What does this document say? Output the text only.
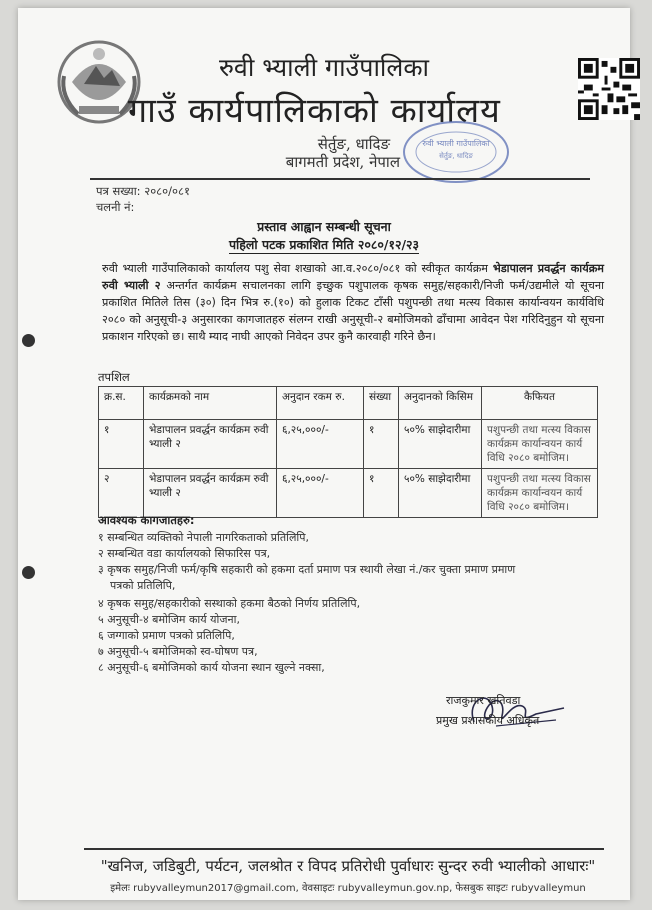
रुवी भ्याली गाउँपालिका
गाउँ कार्यपालिकाको कार्यालय
सेर्तुङ, धादिङ
बागमती प्रदेश, नेपाल
रुवी भ्याली गाउँपालिका
सेर्तुङ, धादिङ
पत्र सख्या: २०८०/०८१
चलनी नं:
प्रस्ताव आह्वान सम्बन्धी सूचना
पहिलो पटक प्रकाशित मिति २०८०/१२/२३
रुवी भ्याली गाउँपालिकाको कार्यालय पशु सेवा शखाको आ.व.२०८०/०८१ को स्वीकृत कार्यक्रम भेडापालन प्रवर्द्धन कार्यक्रम रुवी भ्याली २ अन्तर्गत कार्यक्रम सचालनका लागि इच्छुक पशुपालक कृषक समुह/सहकारी/निजी फर्म/उद्यमीले यो सूचना प्रकाशित मितिले तिस (३०) दिन भित्र रु.(१०) को हुलाक टिकट टाँसी पशुपन्छी तथा मत्स्य विकास कार्यान्वयन कार्यविधि २०८० को अनुसूची-३ अनुसारका कागजातहरु संलग्न राखी अनुसूची-२ बमोजिमको ढाँचामा आवेदन पेश गरिदिनुहुन यो सूचना प्रकाशन गरिएको छ। साथै म्याद नाघी आएको निवेदन उपर कुनै कारवाही गरिने छैन।
तपशिल
क्र.स.	कार्यक्रमको नाम	अनुदान रकम रु.	संख्या	अनुदानको किसिम	कैफियत
१	भेडापालन प्रवर्द्धन कार्यक्रम रुवी भ्याली २	६,२५,०००/-	१	५०% साझेदारीमा	पशुपन्छी तथा मत्स्य विकास कार्यक्रम कार्यान्वयन कार्य विधि २०८० बमोजिम।
२	भेडापालन प्रवर्द्धन कार्यक्रम रुवी भ्याली २	६,२५,०००/-	१	५०% साझेदारीमा	पशुपन्छी तथा मत्स्य विकास कार्यक्रम कार्यान्वयन कार्य विधि २०८० बमोजिम।
आवश्यक कागजातहरु:
१ सम्बन्धित व्यक्तिको नेपाली नागरिकताको प्रतिलिपि,
२ सम्बन्धित वडा कार्यालयको सिफारिस पत्र,
३ कृषक समुह/निजी फर्म/कृषि सहकारी को हकमा दर्ता प्रमाण पत्र स्थायी लेखा नं./कर चुक्ता प्रमाण प्रमाण
पत्रको प्रतिलिपि,
४ कृषक समुह/सहकारीको सस्थाको हकमा बैठको निर्णय प्रतिलिपि,
५ अनुसूची-४ बमोजिम कार्य योजना,
६ जग्गाको प्रमाण पत्रको प्रतिलिपि,
७ अनुसूची-५ बमोजिमको स्व-घोषण पत्र,
८ अनुसूची-६ बमोजिमको कार्य योजना स्थान खुल्ने नक्सा,
राजकुमार खतिवडा
प्रमुख प्रशासकीय अधिकृत
"खनिज, जडिबुटी, पर्यटन, जलश्रोत र विपद प्रतिरोधी पुर्वाधारः सुन्दर रुवी भ्यालीको आधारः"
इमेलः rubyvalleymun2017@gmail.com, वेवसाइटः rubyvalleymun.gov.np, फेसबुक साइटः rubyvalleymun
